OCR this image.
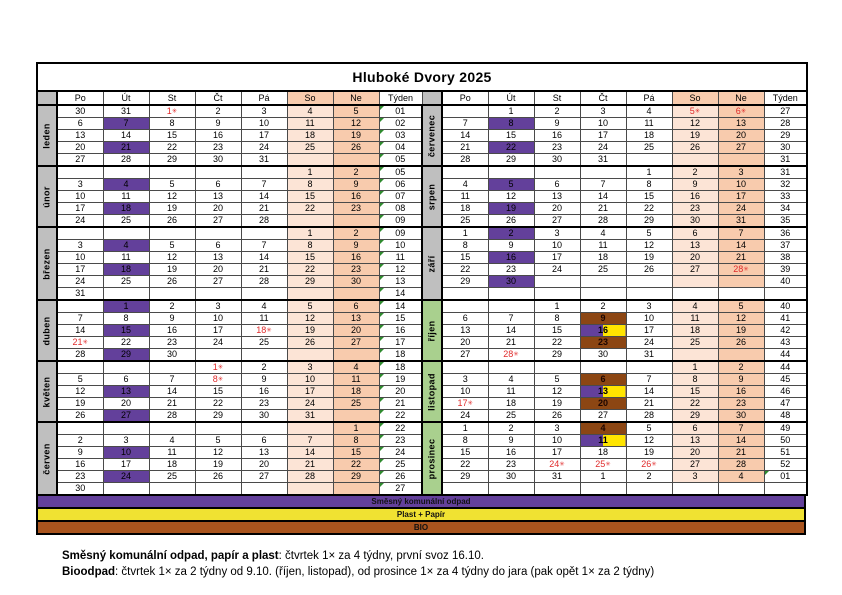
Hluboké Dvory 2025																	
	Po	Út	St	Čt	Pá	So	Ne	Týden		Po	Út	St	Čt	Pá	So	Ne	Týden

leden	30	31	1✳	2	3	4	5	01	červenec		1	2	3	4	5✳	6✳	27
	6	7	8	9	10	11	12	02		7	8	9	10	11	12	13	28
	13	14	15	16	17	18	19	03		14	15	16	17	18	19	20	29
	20	21	22	23	24	25	26	04		21	22	23	24	25	26	27	30
	27	28	29	30	31			05		28	29	30	31				31

únor						1	2	05	srpen					1	2	3	31
	3	4	5	6	7	8	9	06		4	5	6	7	8	9	10	32
	10	11	12	13	14	15	16	07		11	12	13	14	15	16	17	33
	17	18	19	20	21	22	23	08		18	19	20	21	22	23	24	34
	24	25	26	27	28			09		25	26	27	28	29	30	31	35

březen						1	2	09	září	1	2	3	4	5	6	7	36
	3	4	5	6	7	8	9	10		8	9	10	11	12	13	14	37
	10	11	12	13	14	15	16	11		15	16	17	18	19	20	21	38
	17	18	19	20	21	22	23	12		22	23	24	25	26	27	28✳	39
	24	25	26	27	28	29	30	13		29	30						40
	31							14									

duben		1	2	3	4	5	6	14	říjen			1	2	3	4	5	40
	7	8	9	10	11	12	13	15		6	7	8	9	10	11	12	41
	14	15	16	17	18✳	19	20	16		13	14	15	16	17	18	19	42
	21✳	22	23	24	25	26	27	17		20	21	22	23	24	25	26	43
	28	29	30					18		27	28✳	29	30	31			44

květen				1✳	2	3	4	18	listopad						1	2	44
	5	6	7	8✳	9	10	11	19		3	4	5	6	7	8	9	45
	12	13	14	15	16	17	18	20		10	11	12	13	14	15	16	46
	19	20	21	22	23	24	25	21		17✳	18	19	20	21	22	23	47
	26	27	28	29	30	31		22		24	25	26	27	28	29	30	48

červen							1	22	prosinec	1	2	3	4	5	6	7	49
	2	3	4	5	6	7	8	23		8	9	10	11	12	13	14	50
	9	10	11	12	13	14	15	24		15	16	17	18	19	20	21	51
	16	17	18	19	20	21	22	25		22	23	24✳	25✳	26✳	27	28	52
	23	24	25	26	27	28	29	26		29	30	31	1	2	3	4	01
	30							27									
Směsný komunální odpad
Plast + Papír
BIO

Směsný komunální odpad, papír a plast: čtvrtek 1× za 4 týdny, první svoz 16.10.

Bioodpad: čtvrtek 1× za 2 týdny od 9.10. (říjen, listopad), od prosince 1× za 4 týdny do jara (pak opět 1× za 2 týdny)
